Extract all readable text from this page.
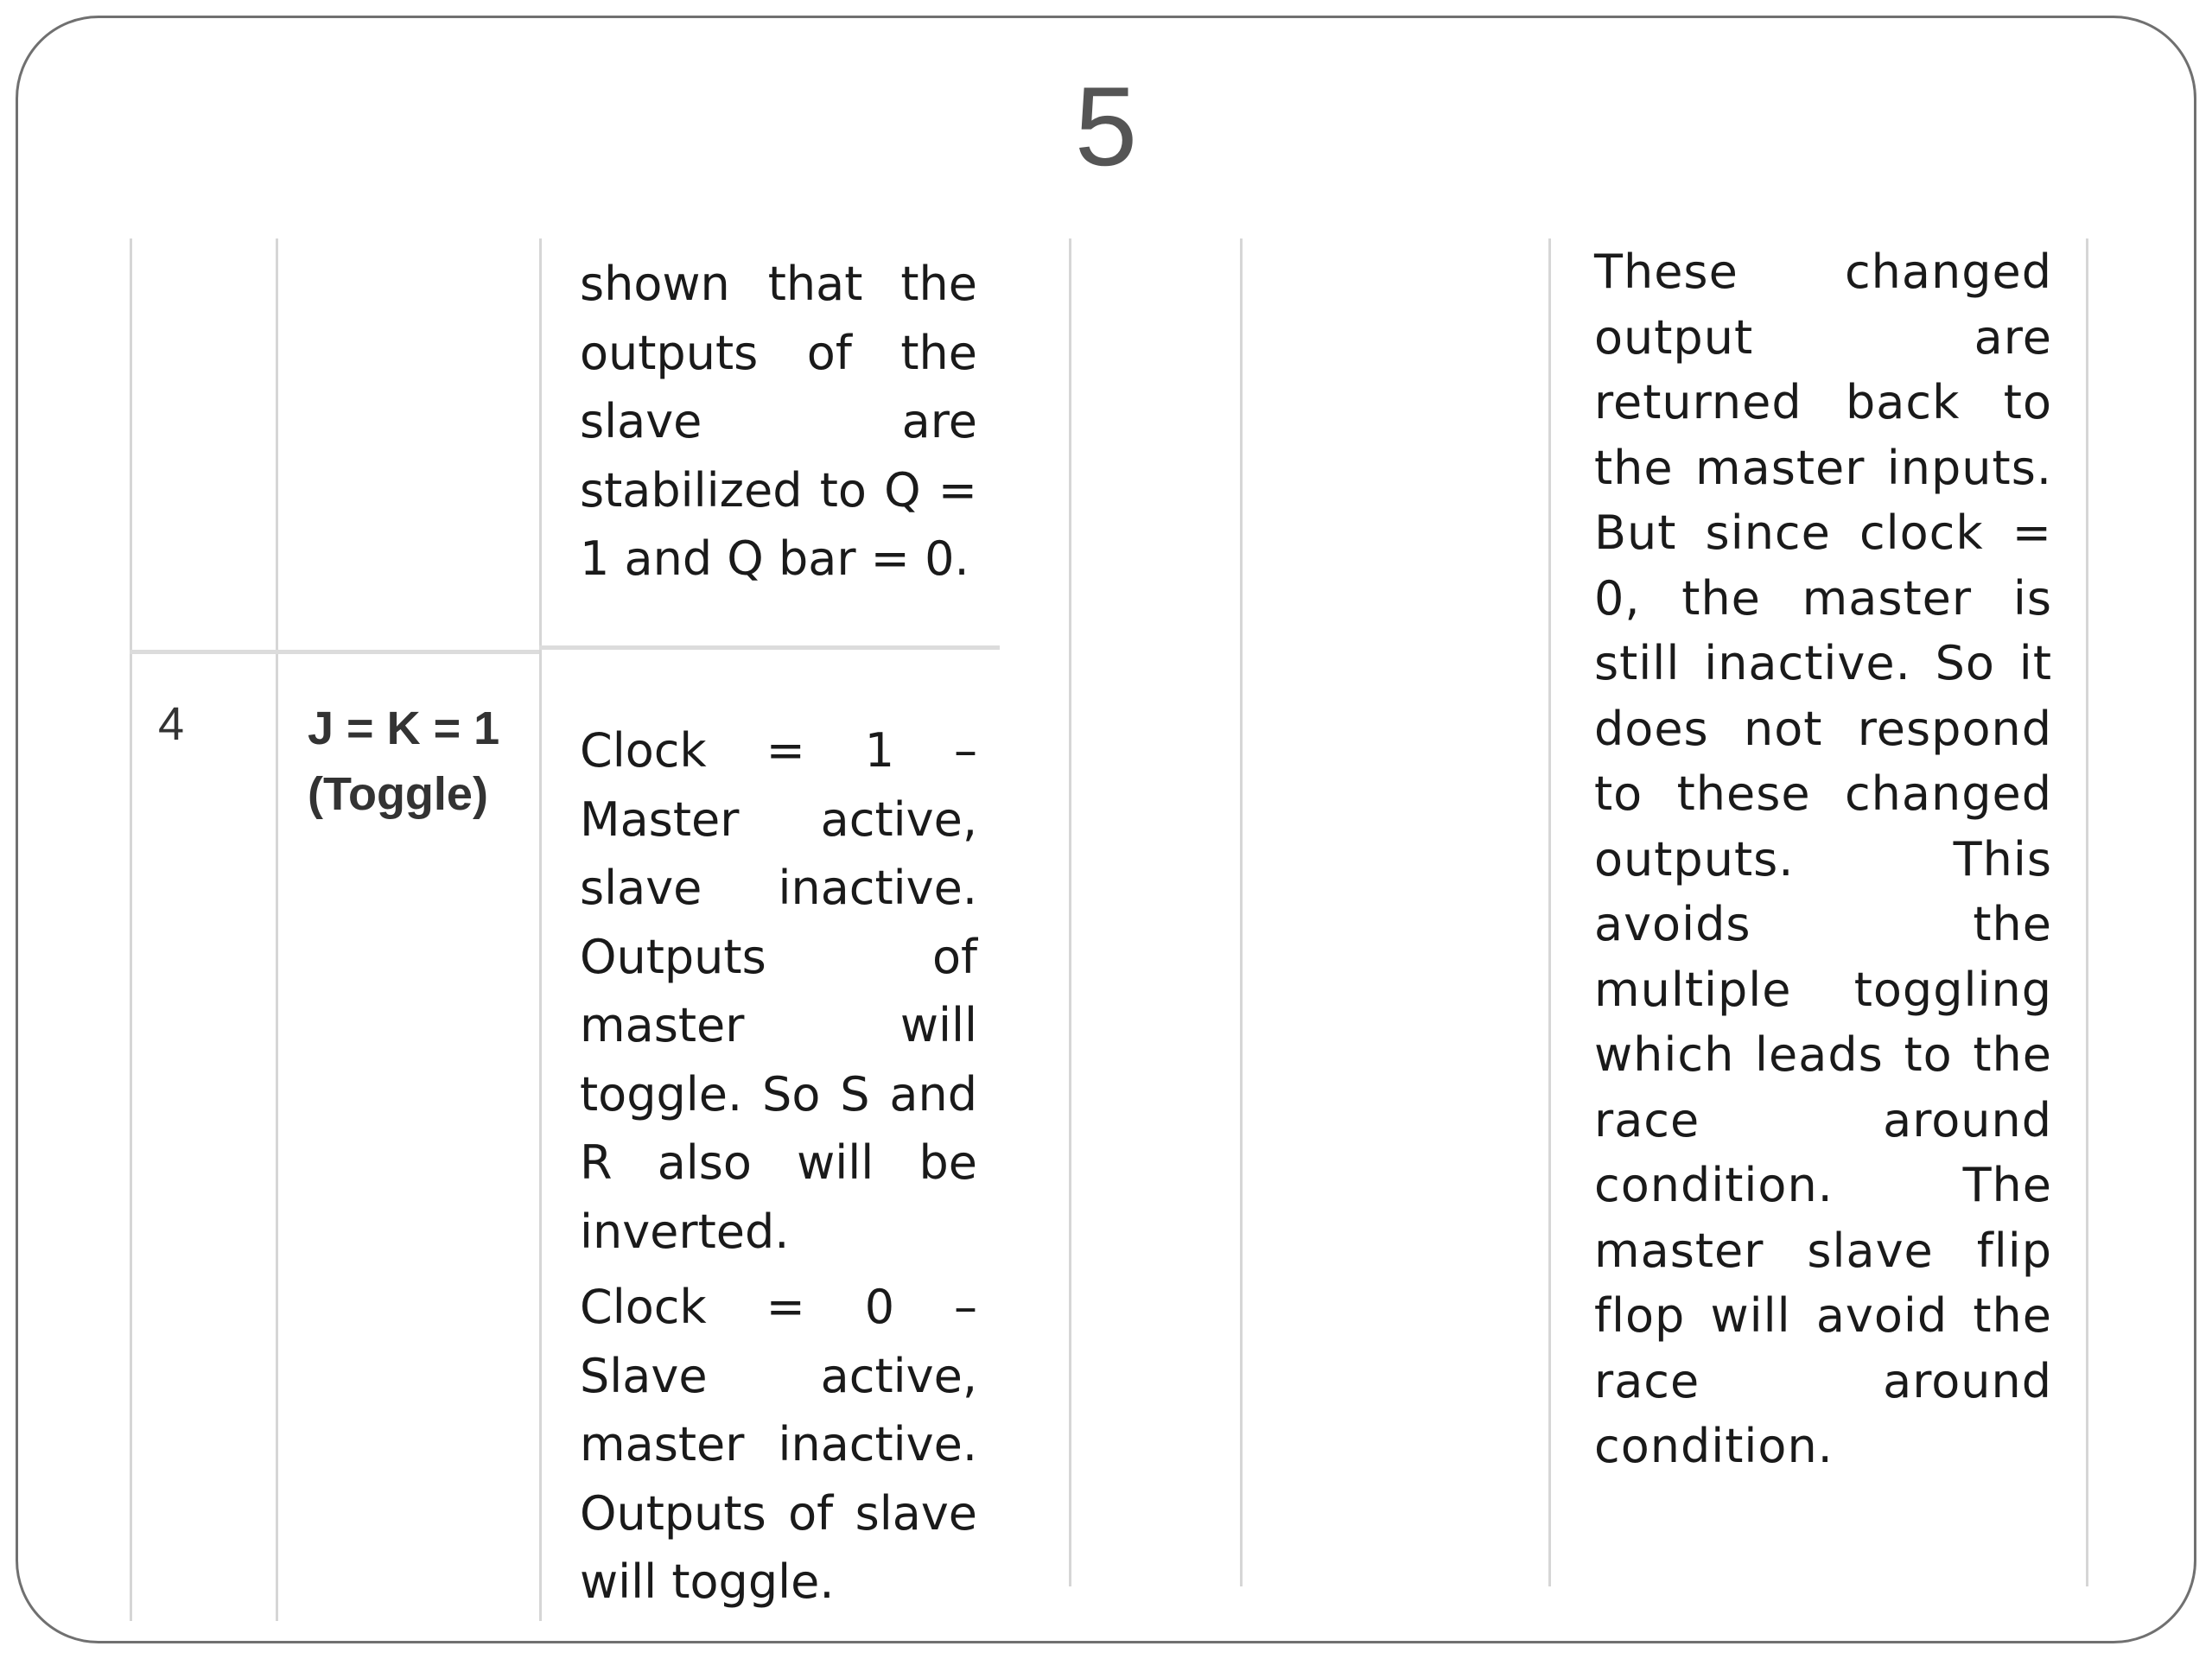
5

shown that the outputs of the slave are stabilized to Q = 1 and Q bar = 0.

4	J = K = 1
(Toggle)

Clock = 1 – Master active, slave inactive. Outputs of master will toggle. So S and R also will be inverted.

Clock = 0 – Slave active, master inactive. Outputs of slave will toggle.

These changed output are returned back to the master inputs. But since clock = 0, the master is still inactive. So it does not respond to these changed outputs. This avoids the multiple toggling which leads to the race around condition. The master slave flip flop will avoid the race around condition.
